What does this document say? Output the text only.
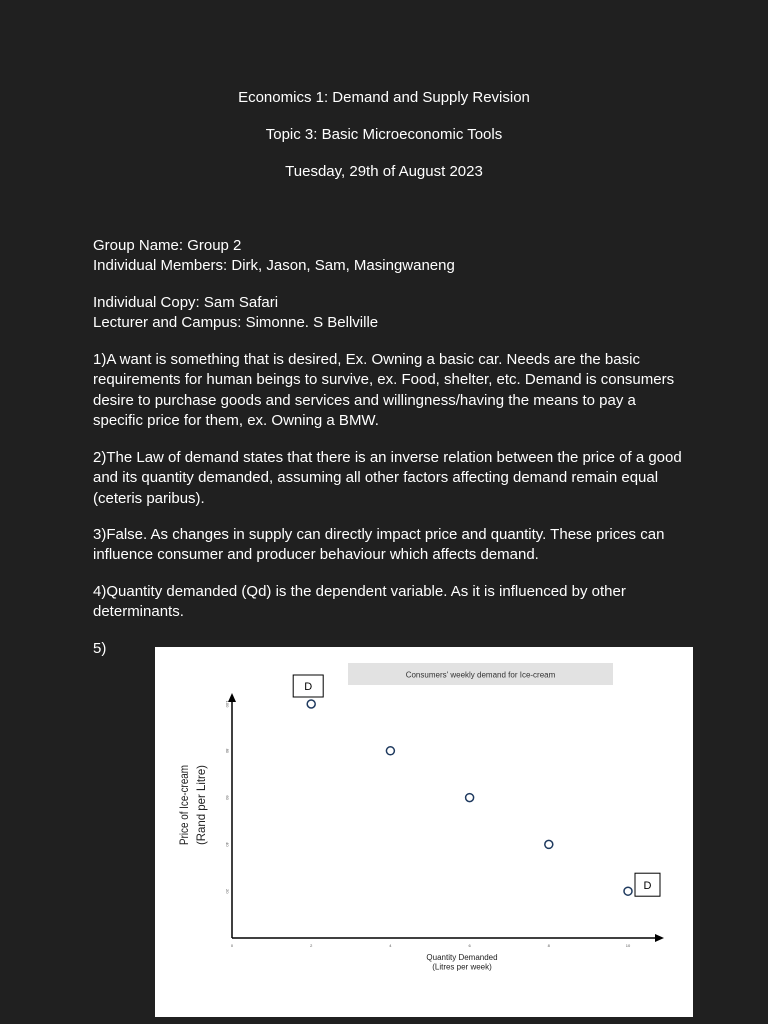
Economics 1: Demand and Supply Revision
Topic 3: Basic Microeconomic Tools
Tuesday, 29th of August 2023
Group Name: Group 2
Individual Members: Dirk, Jason, Sam, Masingwaneng
Individual Copy: Sam Safari
Lecturer and Campus: Simonne. S Bellville
1)A want is something that is desired, Ex. Owning a basic car. Needs are the basic requirements for human beings to survive, ex. Food, shelter, etc. Demand is consumers desire to purchase goods and services and willingness/having the means to pay a specific price for them, ex. Owning a BMW.
2)The Law of demand states that there is an inverse relation between the price of a good and its quantity demanded, assuming all other factors affecting demand remain equal (ceteris paribus).
3)False. As changes in supply can directly impact price and quantity. These prices can influence consumer and producer behaviour which affects demand.
4)Quantity demanded (Qd) is the dependent variable. As it is influenced by other determinants.
5)
Consumers' weekly demand for Ice-cream
0	2	4	6	8	10
20
40
60
80
100
D
D
Quantity Demanded
(Litres per week)
Price of Ice-cream (Rand per Litre)
